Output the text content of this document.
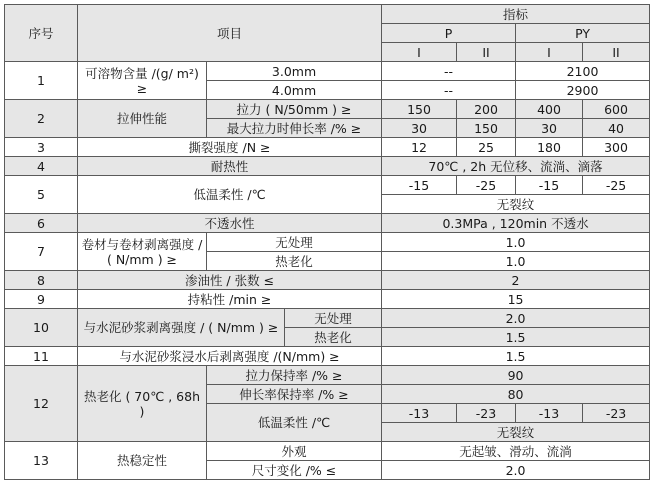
序号	项目			指标			
				P		PY	
				I	II	I	II
1	可溶物含量 /(g/ m²) ≥	3.0mm		--		2100	
		4.0mm		--		2900	
2	拉伸性能	拉力 ( N/50mm ) ≥		150	200	400	600
		最大拉力时伸长率 /% ≥		30	150	30	40
3	撕裂强度 /N ≥			12	25	180	300
4	耐热性			70℃ , 2h 无位移、流淌、滴落			
5	低温柔性 /℃			-15	-25	-15	-25
				无裂纹			
6	不透水性			0.3MPa , 120min 不透水			
7	卷材与卷材剥离强度 / ( N/mm ) ≥	无处理		1.0			
		热老化		1.0			
8	渗油性 / 张数 ≤			2			
9	持粘性 /min ≥			15			
10	与水泥砂浆剥离强度 / ( N/mm ) ≥		无处理	2.0			
			热老化	1.5			
11	与水泥砂浆浸水后剥离强度 /(N/mm) ≥			1.5			
12	热老化 ( 70℃ , 68h )	拉力保持率 /% ≥		90			
		伸长率保持率 /% ≥		80			
		低温柔性 /℃		-13	-23	-13	-23
				无裂纹			

13	热稳定性	外观		无起皱、滑动、流淌			
		尺寸变化 /% ≤		2.0			
